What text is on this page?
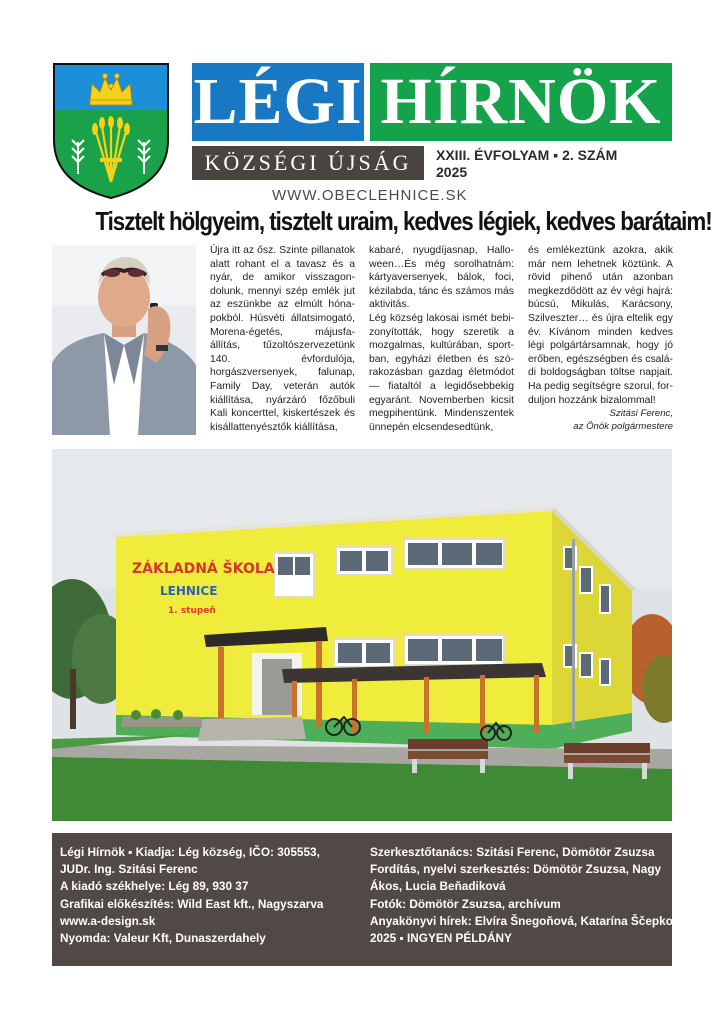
LÉGI HÍRNÖK
KÖZSÉGI ÚJSÁG	XXIII. ÉVFOLYAM ▪ 2. SZÁM
2025
WWW.OBECLEHNICE.SK
Tisztelt hölgyeim, tisztelt uraim, kedves légiek, kedves barátaim!

Újra itt az ősz. Szinte pillanatok alatt rohant el a tavasz és a nyár, de amikor visszagondolunk, mennyi szép emlék jut az eszünkbe az elmúlt hónapokból. Húsvéti állatsimogató, Morena-égetés, májusfa-állítás, tűzoltószervezetünk 140. évfordulója, horgászversenyek, falunap, Family Day, veterán autók kiállítása, nyárzáró főzőbuli Kali koncerttel, kiskertészek és kisállattenyésztők kiállítása,

kabaré, nyugdíjasnap, Halloween…És még sorolhatnám: kártyaversenyek, bálok, foci, kézilabda, tánc és számos más aktivitás.

Lég község lakosai ismét bebizonyították, hogy szeretik a mozgalmas, kultúrában, sportban, egyházi életben és szórakozásban gazdag életmódot — fiataltól a legidősebbekig egyaránt. Novemberben kicsit megpihentünk. Mindenszentek ünnepén elcsendesedtünk,

és emlékeztünk azokra, akik már nem lehetnek köztünk. A rövid pihenő után azonban megkezdődött az év végi hajrá: búcsú, Mikulás, Karácsony, Szilveszter… és újra eltelik egy év. Kívánom minden kedves légi polgártársamnak, hogy jó erőben, egészségben és családi boldogságban töltse napjait. Ha pedig segítségre szorul, forduljon hozzánk bizalommal!

Szitási Ferenc,
az Önök polgármestere
ZÁKLADNÁ ŠKOLA
LEHNICE
1. stupeň
Légi Hírnök ▪ Kiadja: Lég község, IČO: 305553,
JUDr. Ing. Szitási Ferenc
A kiadó székhelye: Lég 89, 930 37
Grafikai előkészítés: Wild East kft., Nagyszarva
www.a-design.sk
Nyomda: Valeur Kft, Dunaszerdahely
Szerkesztőtanács: Szitási Ferenc, Dömötör Zsuzsa
Fordítás, nyelvi szerkesztés: Dömötör Zsuzsa, Nagy
Ákos, Lucia Beňadiková
Fotók: Dömötör Zsuzsa, archívum
Anyakönyvi hírek: Elvíra Šnegoňová, Katarína Ščepková
2025 ▪ INGYEN PÉLDÁNY
